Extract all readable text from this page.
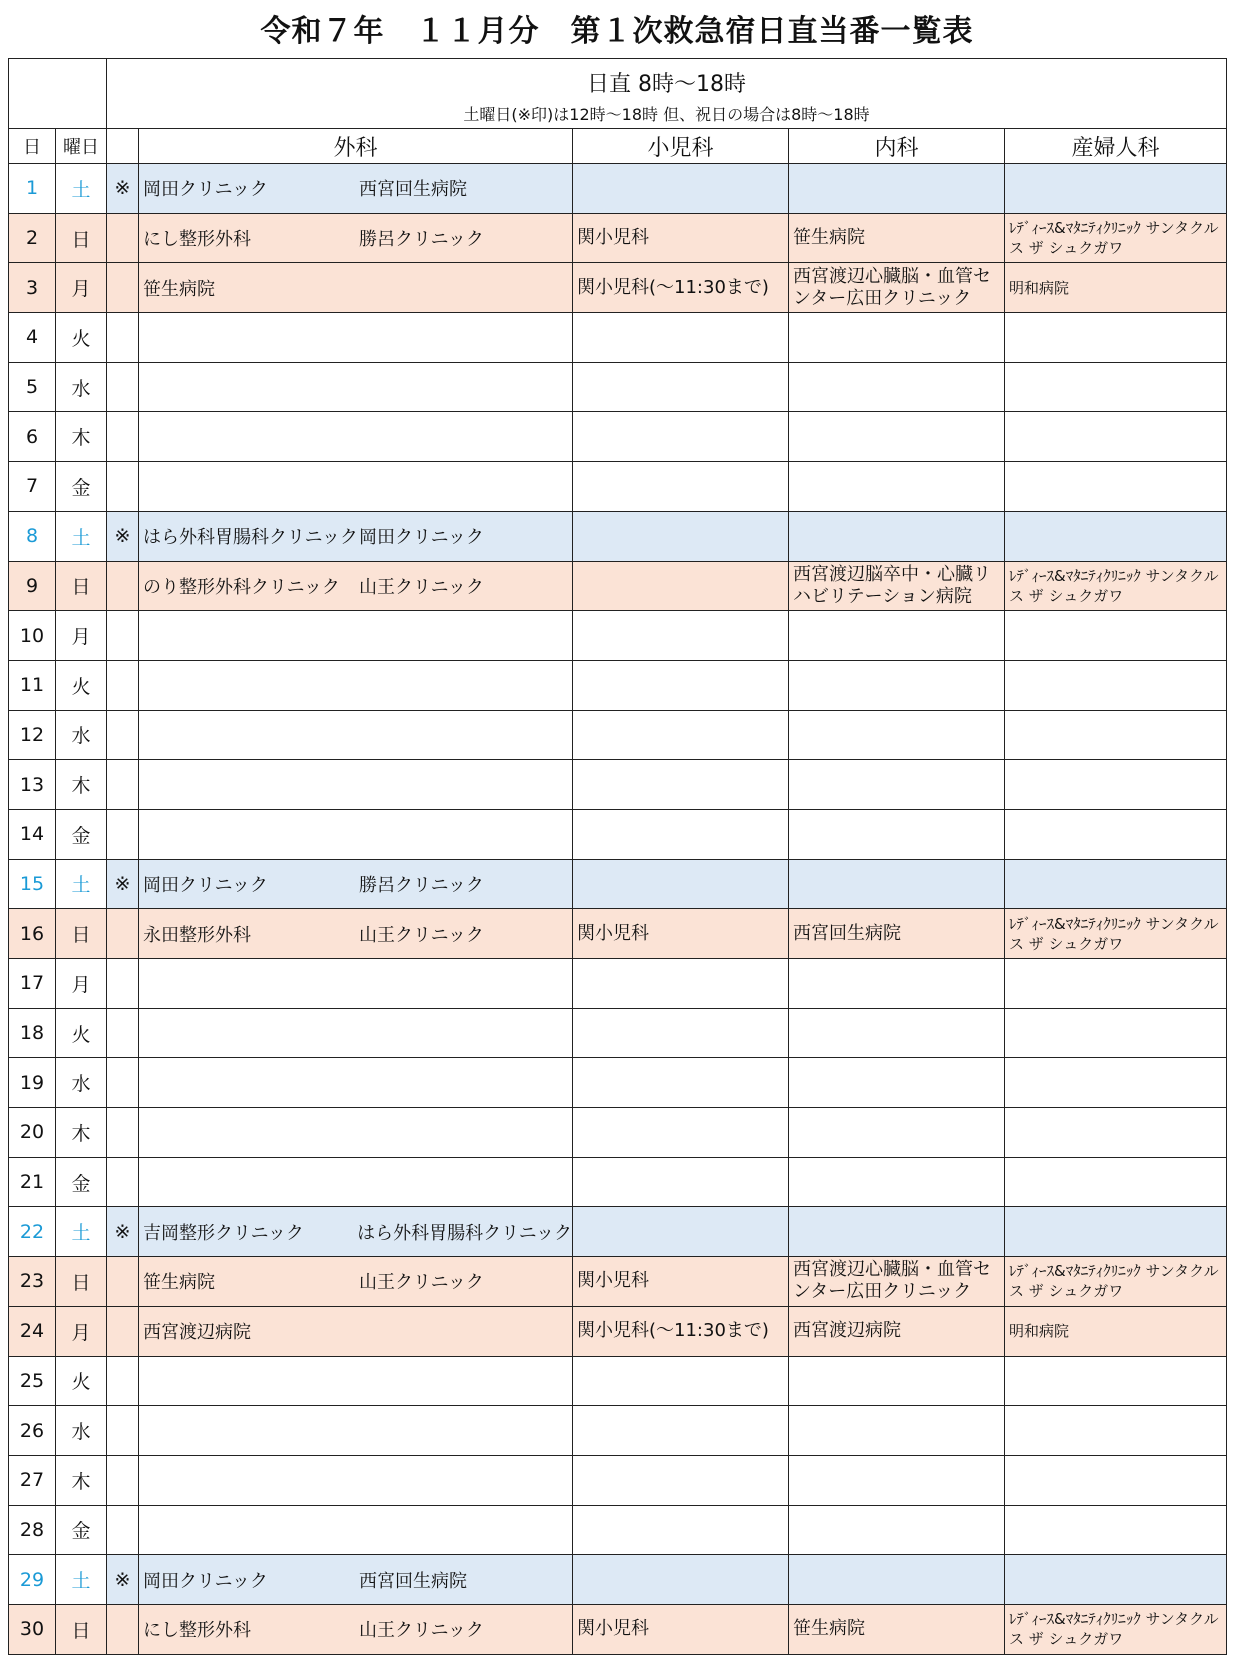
令和７年　１１月分　第１次救急宿日直当番一覧表

		日直 8時～18時
土曜日(※印)は12時～18時 但、祝日の場合は8時～18時				

日	曜日		外科	小児科	内科	産婦人科
1	土	※	岡田クリニック 西宮回生病院			

2	日		にし整形外科 勝呂クリニック	関小児科	笹生病院	ﾚﾃﾞｨｰｽ&ﾏﾀﾆﾃｨｸﾘﾆｯｸ サンタクルス ザ シュクガワ
3	月		笹生病院	関小児科(～11:30まで)	西宮渡辺心臓脳・血管センター広田クリニック	明和病院
4	火		

5	水		

6	木		

7	金		

8	土	※	はら外科胃腸科クリニック 岡田クリニック			

9	日		のり整形外科クリニック 山王クリニック		西宮渡辺脳卒中・心臓リハビリテーション病院	ﾚﾃﾞｨｰｽ&ﾏﾀﾆﾃｨｸﾘﾆｯｸ サンタクルス ザ シュクガワ
10	月		

11	火		

12	水		

13	木		

14	金		

15	土	※	岡田クリニック 勝呂クリニック			

16	日		永田整形外科 山王クリニック	関小児科	西宮回生病院	ﾚﾃﾞｨｰｽ&ﾏﾀﾆﾃｨｸﾘﾆｯｸ サンタクルス ザ シュクガワ
17	月		

18	火		

19	水		

20	木		

21	金		

22	土	※	吉岡整形クリニック はら外科胃腸科クリニック			

23	日		笹生病院 山王クリニック	関小児科	西宮渡辺心臓脳・血管センター広田クリニック	ﾚﾃﾞｨｰｽ&ﾏﾀﾆﾃｨｸﾘﾆｯｸ サンタクルス ザ シュクガワ
24	月		西宮渡辺病院	関小児科(～11:30まで)	西宮渡辺病院	明和病院
25	火		

26	水		

27	木		

28	金		

29	土	※	岡田クリニック 西宮回生病院			

30	日		にし整形外科 山王クリニック	関小児科	笹生病院	ﾚﾃﾞｨｰｽ&ﾏﾀﾆﾃｨｸﾘﾆｯｸ サンタクルス ザ シュクガワ
